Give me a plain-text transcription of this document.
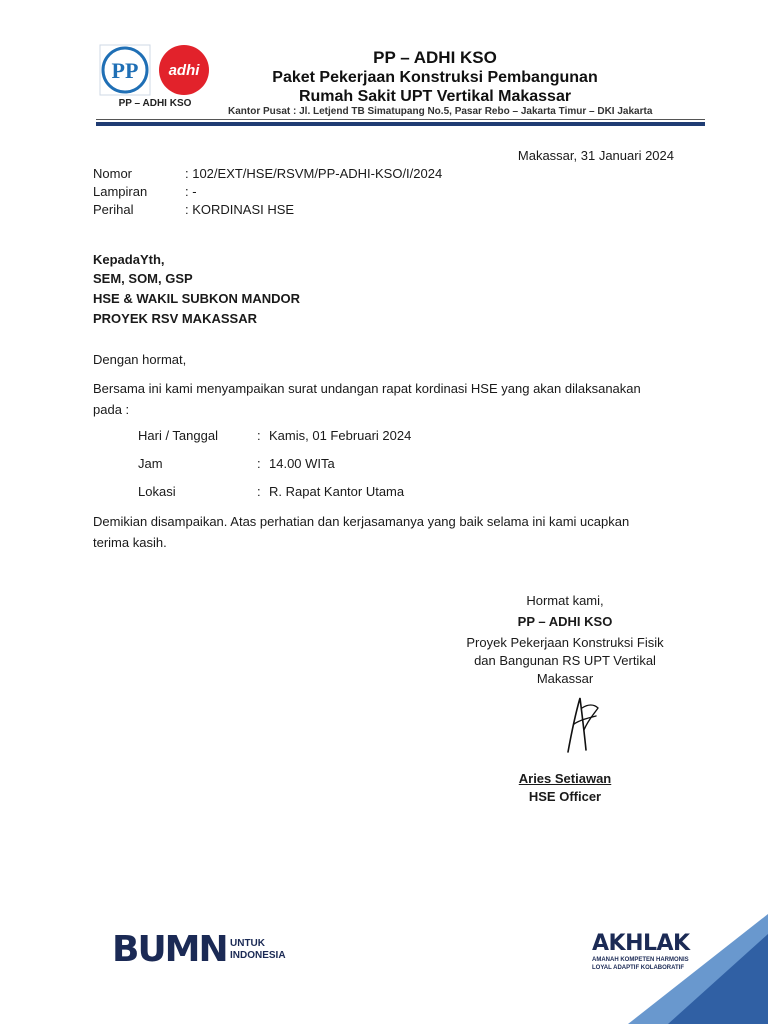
PP adhi
PP – ADHI KSO
PP – ADHI KSO
Paket Pekerjaan Konstruksi Pembangunan
Rumah Sakit UPT Vertikal Makassar
Kantor Pusat : Jl. Letjend TB Simatupang No.5, Pasar Rebo – Jakarta Timur – DKI Jakarta
Makassar, 31 Januari 2024
Nomor	: 102/EXT/HSE/RSVM/PP-ADHI-KSO/I/2024
Lampiran	: -
Perihal	: KORDINASI HSE
KepadaYth,
SEM, SOM, GSP
HSE & WAKIL SUBKON MANDOR
PROYEK RSV MAKASSAR
Dengan hormat,
Bersama ini kami menyampaikan surat undangan rapat kordinasi HSE yang akan dilaksanakan
pada :
Hari / Tanggal	: Kamis, 01 Februari 2024
Jam	: 14.00 WITa
Lokasi	: R. Rapat Kantor Utama
Demikian disampaikan. Atas perhatian dan kerjasamanya yang baik selama ini kami ucapkan
terima kasih.
Hormat kami,
PP – ADHI KSO
Proyek Pekerjaan Konstruksi Fisik
dan Bangunan RS UPT Vertikal
Makassar
Aries Setiawan
HSE Officer
BUMN UNTUK
INDONESIA	AKHLAK
AMANAH KOMPETEN HARMONIS
LOYAL ADAPTIF KOLABORATIF
